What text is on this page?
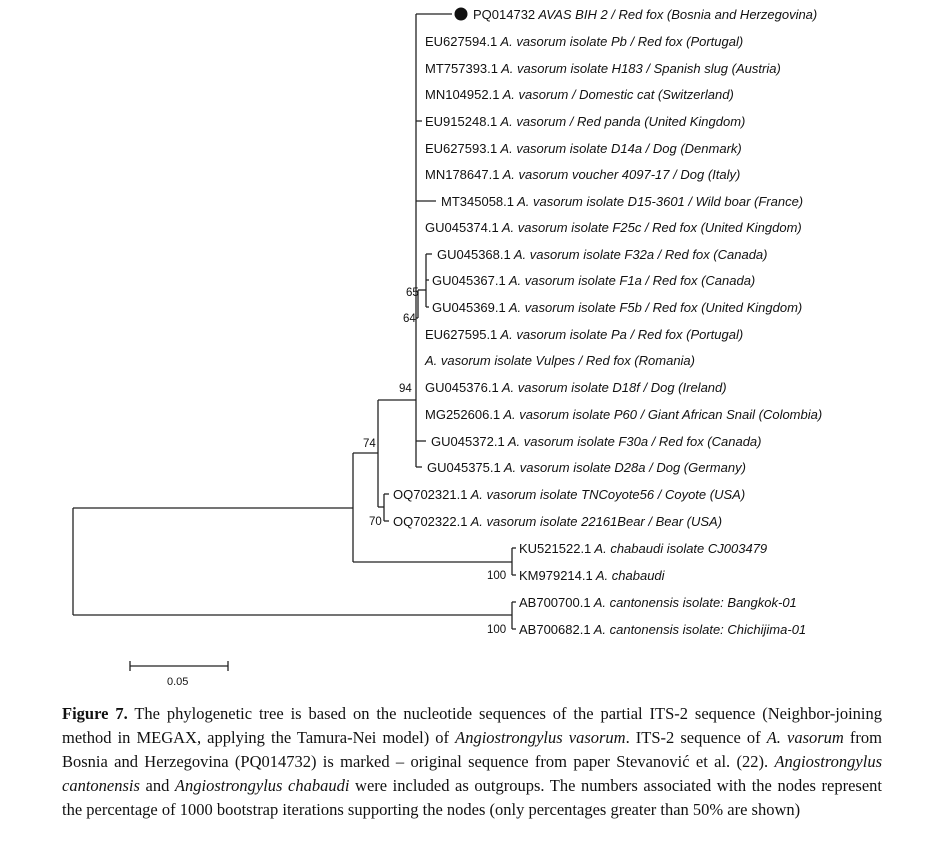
PQ014732 AVAS BIH 2 / Red fox (Bosnia and Herzegovina)
EU627594.1 A. vasorum isolate Pb / Red fox (Portugal)
MT757393.1 A. vasorum isolate H183 / Spanish slug (Austria)
MN104952.1 A. vasorum / Domestic cat (Switzerland)
EU915248.1 A. vasorum / Red panda (United Kingdom)
EU627593.1 A. vasorum isolate D14a / Dog (Denmark)
MN178647.1 A. vasorum voucher 4097-17 / Dog (Italy)
MT345058.1 A. vasorum isolate D15-3601 / Wild boar (France)
GU045374.1 A. vasorum isolate F25c / Red fox (United Kingdom)
GU045368.1 A. vasorum isolate F32a / Red fox (Canada)
GU045367.1 A. vasorum isolate F1a / Red fox (Canada)
GU045369.1 A. vasorum isolate F5b / Red fox (United Kingdom)
EU627595.1 A. vasorum isolate Pa / Red fox (Portugal)
A. vasorum isolate Vulpes / Red fox (Romania)
GU045376.1 A. vasorum isolate D18f / Dog (Ireland)
MG252606.1 A. vasorum isolate P60 / Giant African Snail (Colombia)
GU045372.1 A. vasorum isolate F30a / Red fox (Canada)
GU045375.1 A. vasorum isolate D28a / Dog (Germany)
OQ702321.1 A. vasorum isolate TNCoyote56 / Coyote (USA)
OQ702322.1 A. vasorum isolate 22161Bear / Bear (USA)
KU521522.1 A. chabaudi isolate CJ003479
KM979214.1 A. chabaudi
AB700700.1 A. cantonensis isolate: Bangkok-01
AB700682.1 A. cantonensis isolate: Chichijima-01
65
64
94
74
70
100
100
0.05

Figure 7. The phylogenetic tree is based on the nucleotide sequences of the partial ITS-2 sequence (Neighbor-joining method in MEGAX, applying the Tamura-Nei model) of Angiostrongylus vasorum. ITS-2 sequence of A. vasorum from Bosnia and Herzegovina (PQ014732) is marked – original sequence from paper Stevanović et al. (22). Angiostrongylus cantonensis and Angiostrongylus chabaudi were included as outgroups. The numbers associated with the nodes represent the percentage of 1000 bootstrap iterations supporting the nodes (only percentages greater than 50% are shown)
